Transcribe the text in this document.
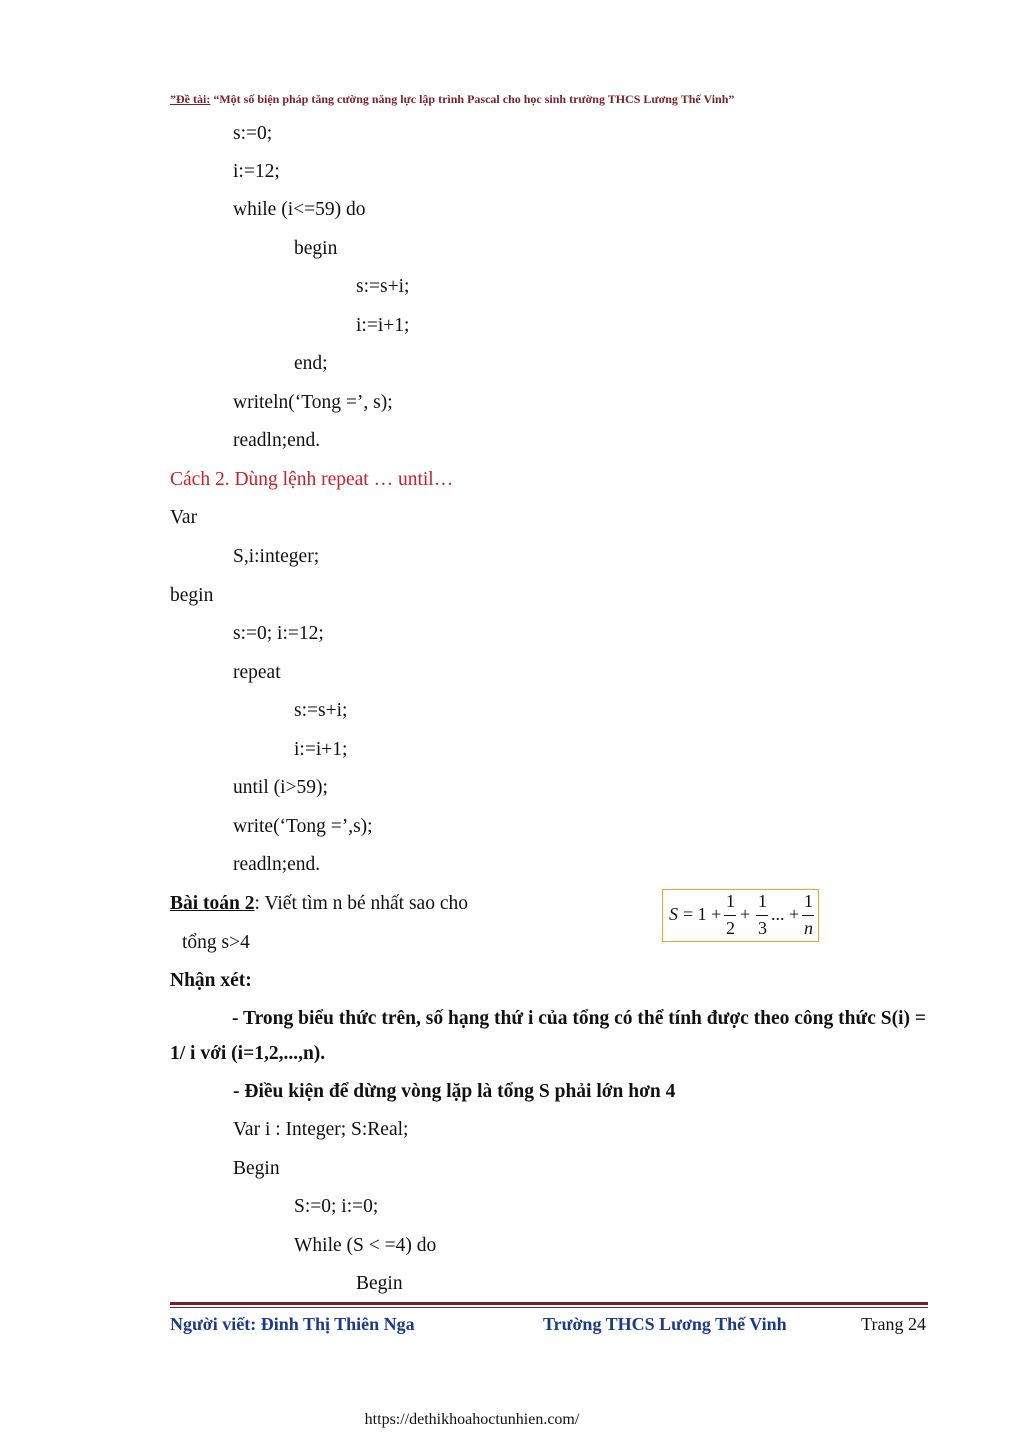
”Đề tài: “Một số biện pháp tăng cường năng lực lập trình Pascal cho học sinh trường THCS Lương Thế Vinh”
s:=0;
i:=12;
while (i<=59) do
begin
s:=s+i;
i:=i+1;
end;
writeln(‘Tong =’, s);
readln;end.
Cách 2. Dùng lệnh repeat … until…
Var
S,i:integer;
begin
s:=0; i:=12;
repeat
s:=s+i;
i:=i+1;
until (i>59);
write(‘Tong =’,s);
readln;end.
Bài toán 2: Viết tìm n bé nhất sao cho
tổng s>4
S = 1 +
1
2
+
1
3
... +
1
n
Nhận xét:
- Trong biểu thức trên, số hạng thứ i của tổng có thể tính được theo công thức S(i) = 1/ i với (i=1,2,...,n).
- Điều kiện để dừng vòng lặp là tổng S phải lớn hơn 4
Var i : Integer; S:Real;
Begin
S:=0; i:=0;
While (S < =4) do
Begin
Người viết: Đinh Thị Thiên Nga	Trường THCS Lương Thế Vinh	Trang 24
https://dethikhoahoctunhien.com/
